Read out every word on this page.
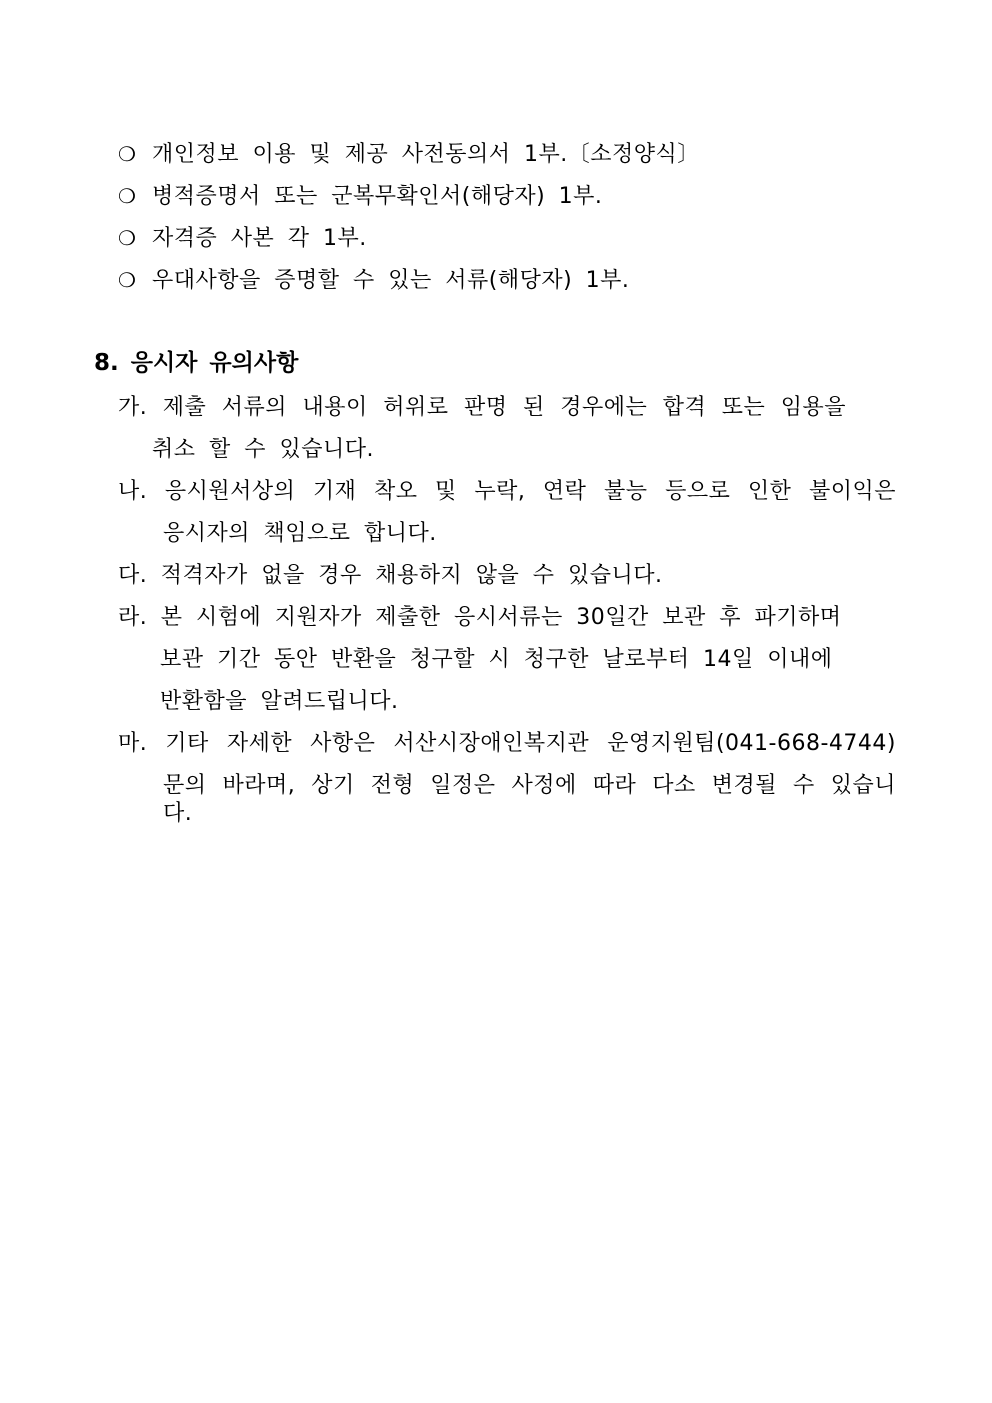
❍ 개인정보 이용 및 제공 사전동의서 1부.〔소정양식〕
❍ 병적증명서 또는 군복무확인서(해당자) 1부.
❍ 자격증 사본 각 1부.
❍ 우대사항을 증명할 수 있는 서류(해당자) 1부.
8. 응시자 유의사항
가. 제출 서류의 내용이 허위로 판명 된 경우에는 합격 또는 임용을
취소 할 수 있습니다.
나. 응시원서상의 기재 착오 및 누락, 연락 불능 등으로 인한 불이익은
응시자의 책임으로 합니다.
다. 적격자가 없을 경우 채용하지 않을 수 있습니다.
라. 본 시험에 지원자가 제출한 응시서류는 30일간 보관 후 파기하며
보관 기간 동안 반환을 청구할 시 청구한 날로부터 14일 이내에
반환함을 알려드립니다.
마. 기타 자세한 사항은 서산시장애인복지관 운영지원팀(041-668-4744)
문의 바라며, 상기 전형 일정은 사정에 따라 다소 변경될 수 있습니다.
